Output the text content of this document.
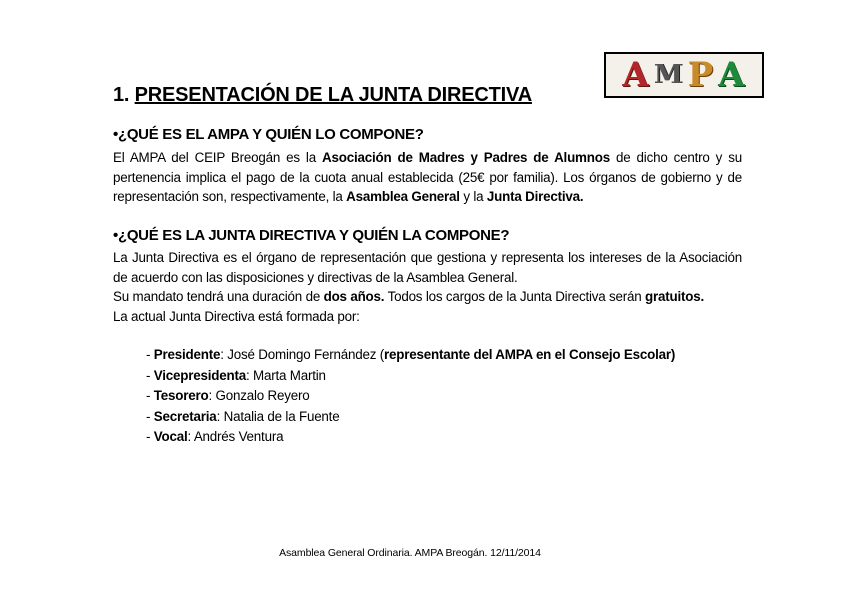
A M P A
1. PRESENTACIÓN DE LA JUNTA DIRECTIVA
•¿QUÉ ES EL AMPA Y QUIÉN LO COMPONE?
El AMPA del CEIP Breogán es la Asociación de Madres y Padres de Alumnos de dicho centro y su pertenencia implica el pago de la cuota anual establecida (25€ por familia). Los órganos de gobierno y de representación son, respectivamente, la Asamblea General y la Junta Directiva.
•¿QUÉ ES LA JUNTA DIRECTIVA Y QUIÉN LA COMPONE?
La Junta Directiva es el órgano de representación que gestiona y representa los intereses de la Asociación de acuerdo con las disposiciones y directivas de la Asamblea General.
Su mandato tendrá una duración de dos años. Todos los cargos de la Junta Directiva serán gratuitos.
La actual Junta Directiva está formada por:
- Presidente: José Domingo Fernández (representante del AMPA en el Consejo Escolar)
- Vicepresidenta: Marta Martin
- Tesorero: Gonzalo Reyero
- Secretaria: Natalia de la Fuente
- Vocal: Andrés Ventura
Asamblea General Ordinaria. AMPA Breogán. 12/11/2014
